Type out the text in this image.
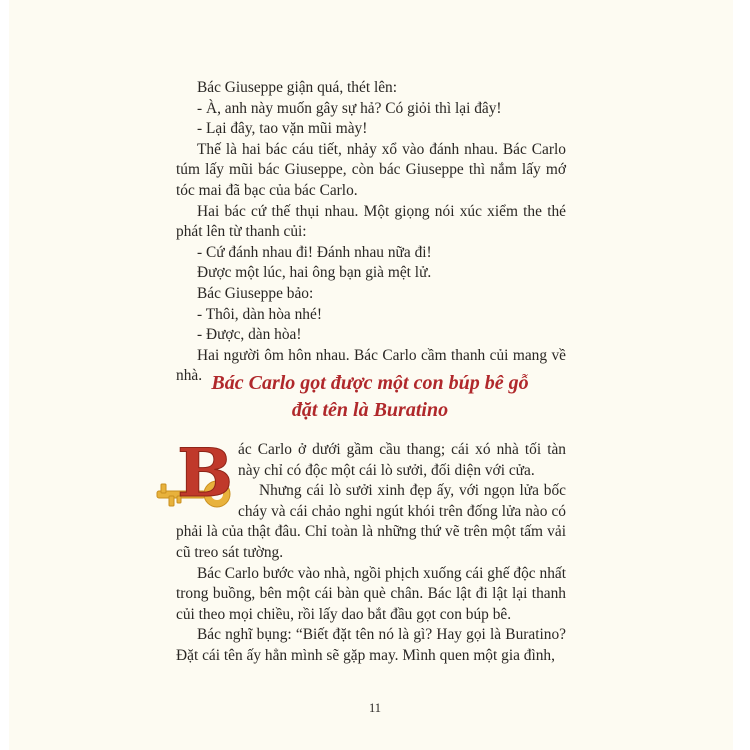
Bác Giuseppe giận quá, thét lên:

- À, anh này muốn gây sự hả? Có giỏi thì lại đây!

- Lại đây, tao vặn mũi mày!

Thế là hai bác cáu tiết, nhảy xổ vào đánh nhau. Bác Carlo túm lấy mũi bác Giuseppe, còn bác Giuseppe thì nắm lấy mớ tóc mai đã bạc của bác Carlo.

Hai bác cứ thế thụi nhau. Một giọng nói xúc xiểm the thé phát lên từ thanh củi:

- Cứ đánh nhau đi! Đánh nhau nữa đi!

Được một lúc, hai ông bạn già mệt lử.

Bác Giuseppe bảo:

- Thôi, dàn hòa nhé!

- Được, dàn hòa!

Hai người ôm hôn nhau. Bác Carlo cầm thanh củi mang về nhà. Bác Carlo gọt được một con búp bê gỗ
đặt tên là Buratino
B ác Carlo ở dưới gầm cầu thang; cái xó nhà tối tàn này chỉ có độc một cái lò sưởi, đối diện với cửa.

Nhưng cái lò sưởi xinh đẹp ấy, với ngọn lửa bốc cháy và cái chảo nghi ngút khói trên đống lửa nào có phải là của thật đâu. Chỉ toàn là những thứ vẽ trên một tấm vải cũ treo sát tường.

Bác Carlo bước vào nhà, ngồi phịch xuống cái ghế độc nhất trong buồng, bên một cái bàn què chân. Bác lật đi lật lại thanh củi theo mọi chiều, rồi lấy dao bắt đầu gọt con búp bê.

Bác nghĩ bụng: “Biết đặt tên nó là gì? Hay gọi là Buratino? Đặt cái tên ấy hẳn mình sẽ gặp may. Mình quen một gia đình,

11
